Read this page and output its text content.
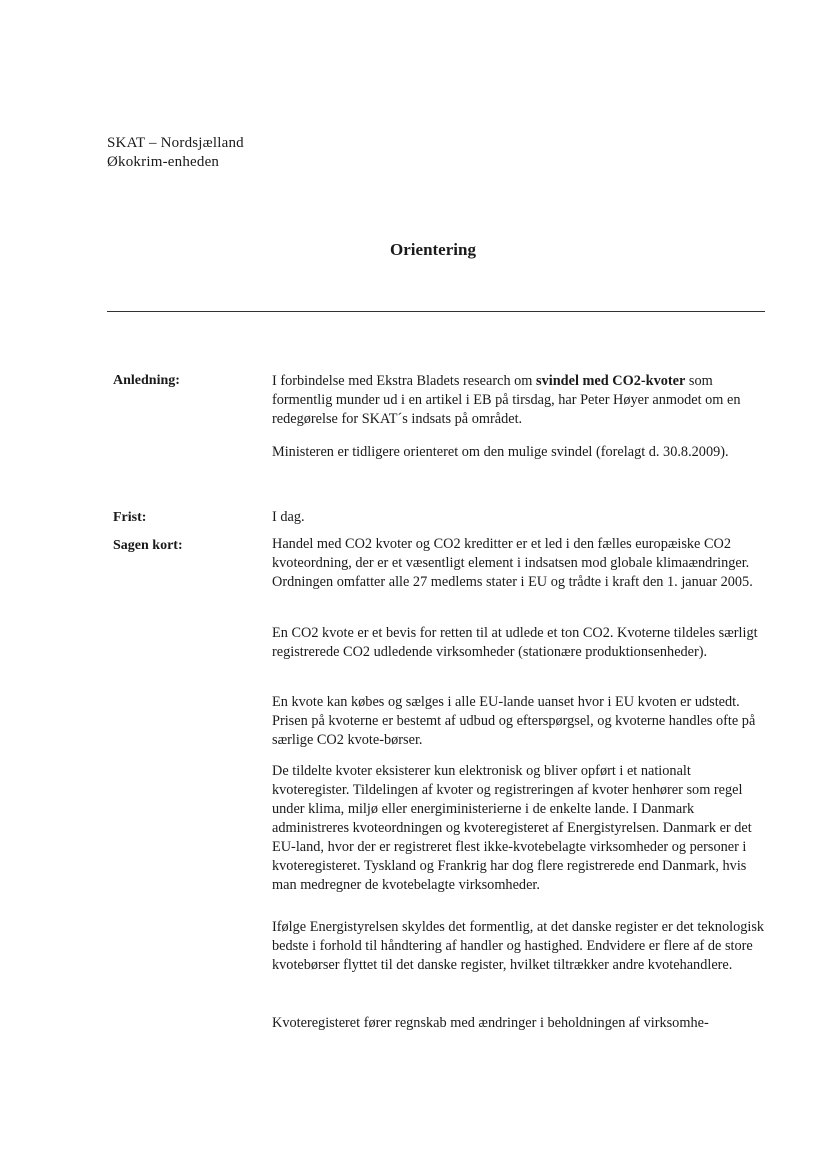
SKAT – Nordsjælland
Økokrim-enheden
Orientering
Anledning:	I forbindelse med Ekstra Bladets research om svindel med CO2-kvoter som formentlig munder ud i en artikel i EB på tirsdag, har Peter Høyer anmodet om en redegørelse for SKAT´s indsats på området.

Ministeren er tidligere orienteret om den mulige svindel (forelagt d. 30.8.2009).

Frist:	I dag.

Sagen kort:	Handel med CO2 kvoter og CO2 kreditter er et led i den fælles europæiske CO2 kvoteordning, der er et væsentligt element i indsatsen mod globale klimaændringer. Ordningen omfatter alle 27 medlems stater i EU og trådte i kraft den 1. januar 2005.

En CO2 kvote er et bevis for retten til at udlede et ton CO2. Kvoterne tildeles særligt registrerede CO2 udledende virksomheder (stationære produktionsenheder).

En kvote kan købes og sælges i alle EU-lande uanset hvor i EU kvoten er udstedt. Prisen på kvoterne er bestemt af udbud og efterspørgsel, og kvoterne handles ofte på særlige CO2 kvote-børser.

De tildelte kvoter eksisterer kun elektronisk og bliver opført i et nationalt kvoteregister. Tildelingen af kvoter og registreringen af kvoter henhører som regel under klima, miljø eller energiministerierne i de enkelte lande. I Danmark administreres kvoteordningen og kvoteregisteret af Energistyrelsen. Danmark er det EU-land, hvor der er registreret flest ikke-kvotebelagte virksomheder og personer i kvoteregisteret. Tyskland og Frankrig har dog flere registrerede end Danmark, hvis man medregner de kvotebelagte virksomheder.

Ifølge Energistyrelsen skyldes det formentlig, at det danske register er det teknologisk bedste i forhold til håndtering af handler og hastighed. Endvidere er flere af de store kvotebørser flyttet til det danske register, hvilket tiltrækker andre kvotehandlere.

Kvoteregisteret fører regnskab med ændringer i beholdningen af virksomhe-
